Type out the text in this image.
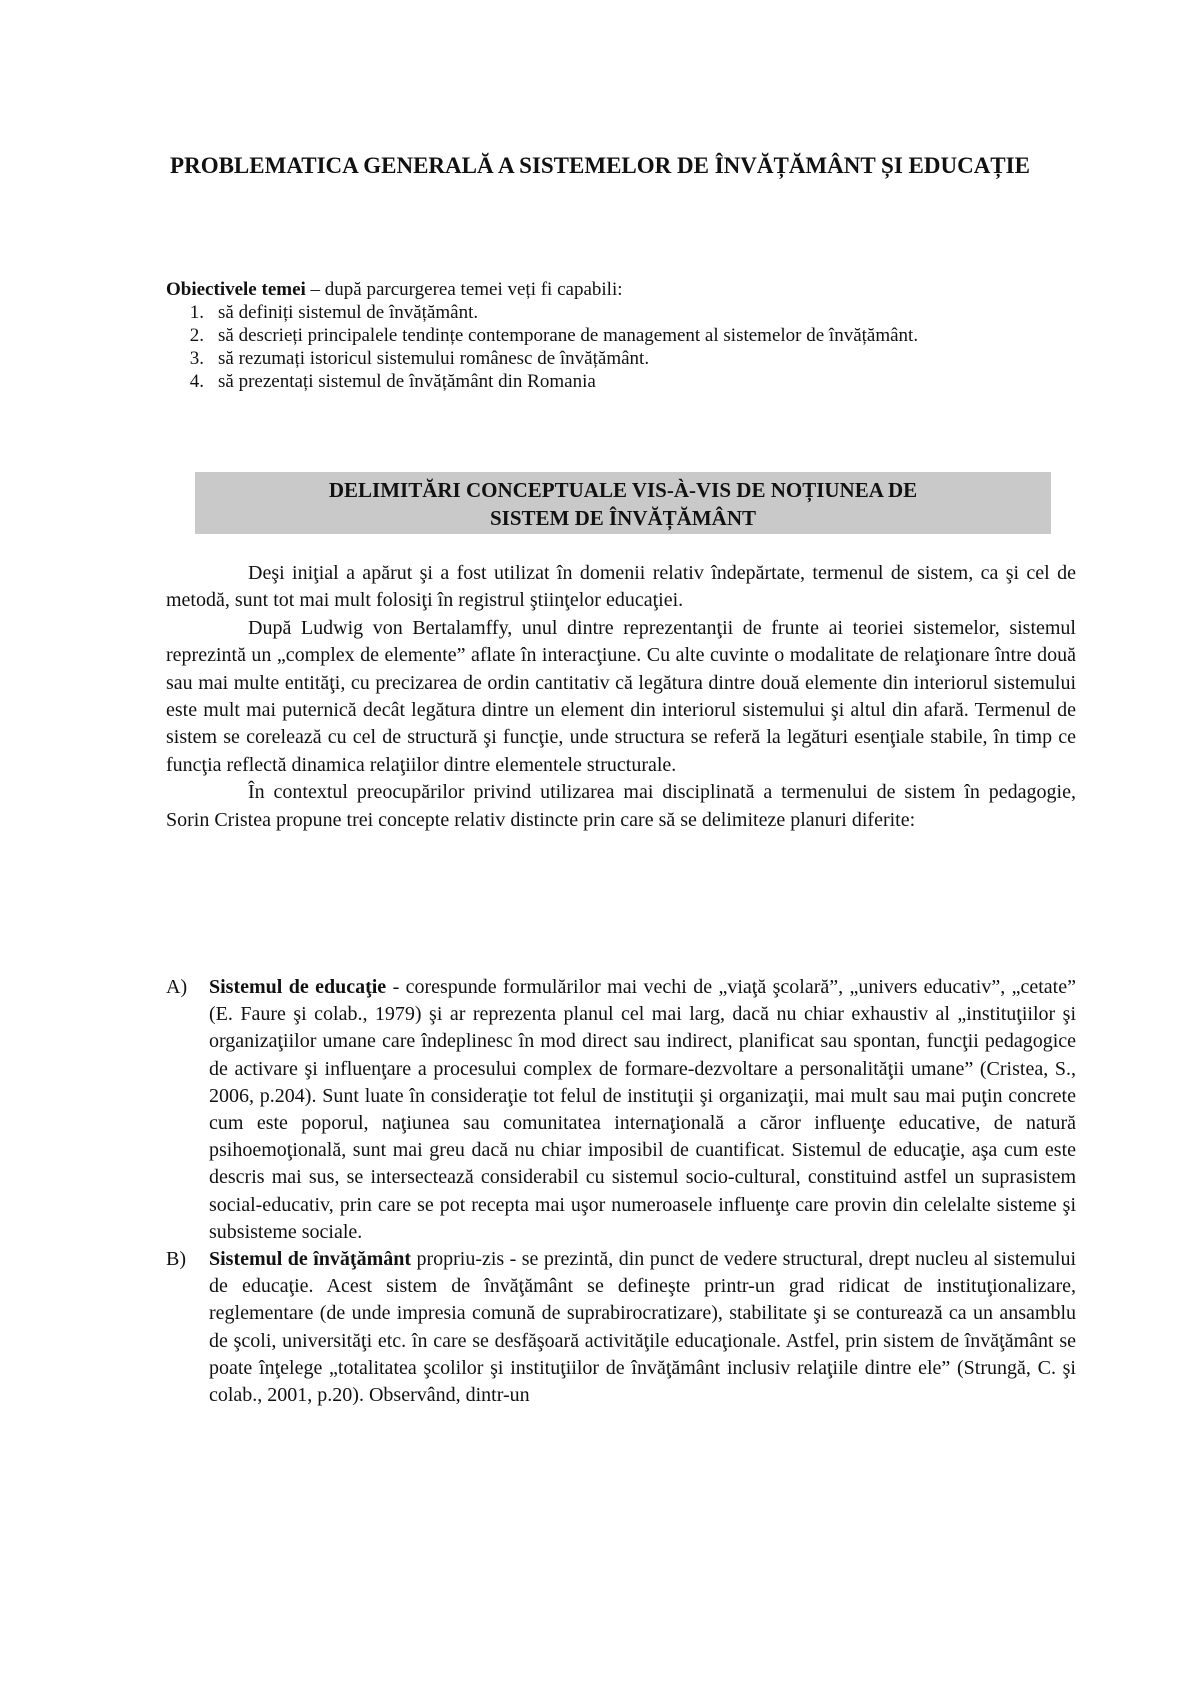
PROBLEMATICA GENERALĂ A SISTEMELOR DE ÎNVĂȚĂMÂNT ȘI EDUCAȚIE
Obiectivele temei – după parcurgerea temei veți fi capabili:
1. să definiți sistemul de învățământ.
2. să descrieți principalele tendințe contemporane de management al sistemelor de învățământ.
3. să rezumați istoricul sistemului românesc de învățământ.
4. să prezentați sistemul de învățământ din Romania
DELIMITĂRI CONCEPTUALE VIS-À-VIS DE NOȚIUNEA DE
SISTEM DE ÎNVĂȚĂMÂNT

Deşi iniţial a apărut şi a fost utilizat în domenii relativ îndepărtate, termenul de sistem, ca şi cel de metodă, sunt tot mai mult folosiţi în registrul ştiinţelor educaţiei.

După Ludwig von Bertalamffy, unul dintre reprezentanţii de frunte ai teoriei sistemelor, sistemul reprezintă un „complex de elemente” aflate în interacţiune. Cu alte cuvinte o modalitate de relaţionare între două sau mai multe entităţi, cu precizarea de ordin cantitativ că legătura dintre două elemente din interiorul sistemului este mult mai puternică decât legătura dintre un element din interiorul sistemului şi altul din afară. Termenul de sistem se corelează cu cel de structură şi funcţie, unde structura se referă la legături esenţiale stabile, în timp ce funcţia reflectă dinamica relaţiilor dintre elementele structurale.

În contextul preocupărilor privind utilizarea mai disciplinată a termenului de sistem în pedagogie, Sorin Cristea propune trei concepte relativ distincte prin care să se delimiteze planuri diferite:

A) Sistemul de educaţie - corespunde formulărilor mai vechi de „viaţă şcolară”, „univers educativ”, „cetate” (E. Faure şi colab., 1979) şi ar reprezenta planul cel mai larg, dacă nu chiar exhaustiv al „instituţiilor şi organizaţiilor umane care îndeplinesc în mod direct sau indirect, planificat sau spontan, funcţii pedagogice de activare şi influenţare a procesului complex de formare-dezvoltare a personalităţii umane” (Cristea, S., 2006, p.204). Sunt luate în consideraţie tot felul de instituţii şi organizaţii, mai mult sau mai puţin concrete cum este poporul, naţiunea sau comunitatea internaţională a căror influenţe educative, de natură psihoemoţională, sunt mai greu dacă nu chiar imposibil de cuantificat. Sistemul de educaţie, aşa cum este descris mai sus, se intersectează considerabil cu sistemul socio-cultural, constituind astfel un suprasistem social-educativ, prin care se pot recepta mai uşor numeroasele influenţe care provin din celelalte sisteme şi subsisteme sociale.
B) Sistemul de învăţământ propriu-zis - se prezintă, din punct de vedere structural, drept nucleu al sistemului de educaţie. Acest sistem de învăţământ se defineşte printr-un grad ridicat de instituţionalizare, reglementare (de unde impresia comună de suprabirocratizare), stabilitate şi se conturează ca un ansamblu de şcoli, universităţi etc. în care se desfăşoară activităţile educaţionale. Astfel, prin sistem de învăţământ se poate înţelege „totalitatea şcolilor şi instituţiilor de învăţământ inclusiv relaţiile dintre ele” (Strungă, C. şi colab., 2001, p.20). Observând, dintr-un
